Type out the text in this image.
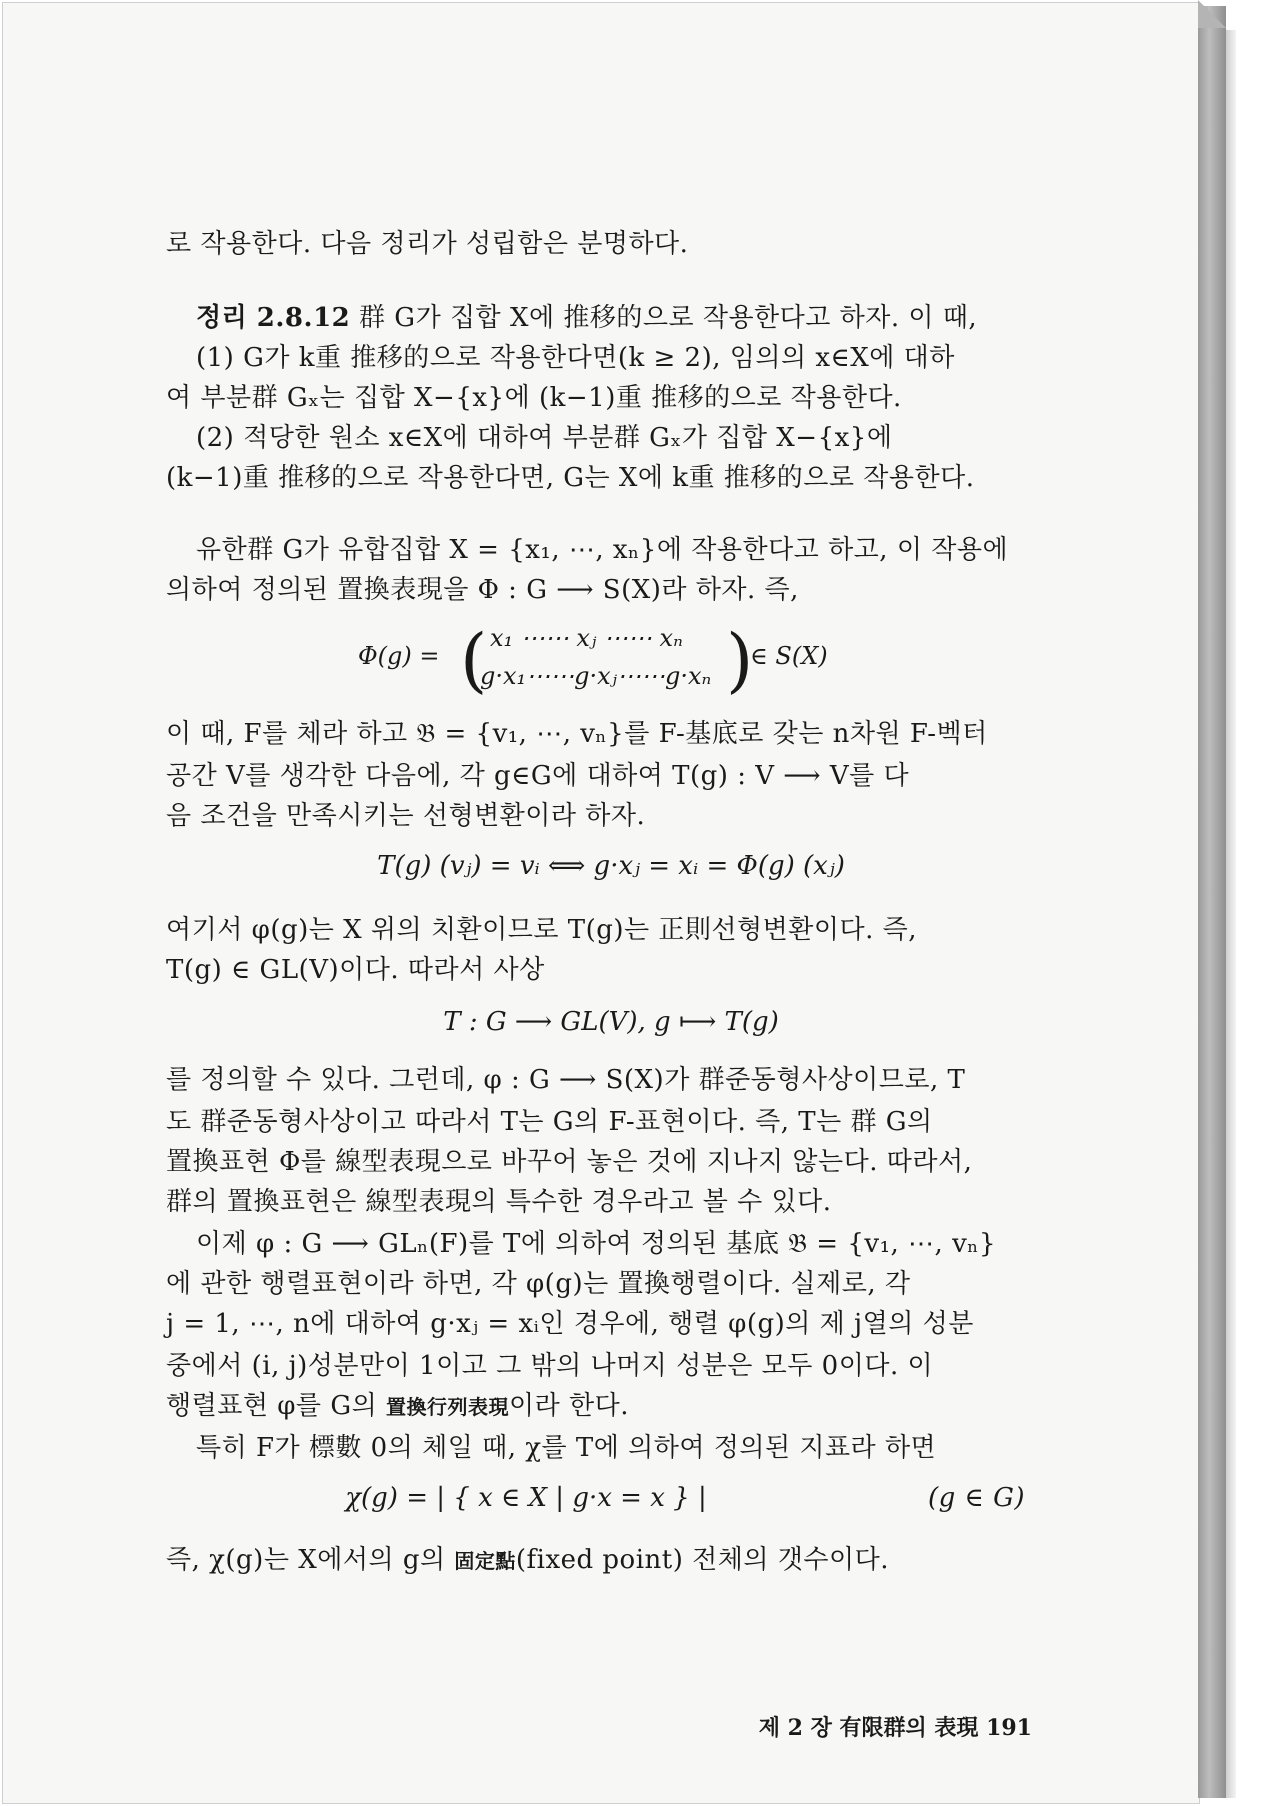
로 작용한다. 다음 정리가 성립함은 분명하다.
정리 2.8.12 群 G가 집합 X에 推移的으로 작용한다고 하자. 이 때,
(1) G가 k重 推移的으로 작용한다면(k ≥ 2), 임의의 x∈X에 대하
여 부분群 Gₓ는 집합 X−{x}에 (k−1)重 推移的으로 작용한다.
(2) 적당한 원소 x∈X에 대하여 부분群 Gₓ가 집합 X−{x}에
(k−1)重 推移的으로 작용한다면, G는 X에 k重 推移的으로 작용한다.
유한群 G가 유합집합 X = {x₁, ⋯, xₙ}에 작용한다고 하고, 이 작용에
의하여 정의된 置換表現을 Φ : G ⟶ S(X)라 하자. 즉,
Φ(g) = ( x₁ ⋯⋯ xⱼ ⋯⋯ xₙ
g·x₁⋯⋯g·xⱼ⋯⋯g·xₙ )
∈ S(X)
이 때, F를 체라 하고 𝔅 = {v₁, ⋯, vₙ}를 F-基底로 갖는 n차원 F-벡터
공간 V를 생각한 다음에, 각 g∈G에 대하여 T(g) : V ⟶ V를 다
음 조건을 만족시키는 선형변환이라 하자.
T(g) (vⱼ) = vᵢ ⟺ g·xⱼ = xᵢ = Φ(g) (xⱼ)
여기서 φ(g)는 X 위의 치환이므로 T(g)는 正則선형변환이다. 즉,
T(g) ∈ GL(V)이다. 따라서 사상
T : G ⟶ GL(V), g ⟼ T(g)
를 정의할 수 있다. 그런데, φ : G ⟶ S(X)가 群준동형사상이므로, T
도 群준동형사상이고 따라서 T는 G의 F-표현이다. 즉, T는 群 G의
置換표현 Φ를 線型表現으로 바꾸어 놓은 것에 지나지 않는다. 따라서,
群의 置換표현은 線型表現의 특수한 경우라고 볼 수 있다.
이제 φ : G ⟶ GLₙ(F)를 T에 의하여 정의된 基底 𝔅 = {v₁, ⋯, vₙ}
에 관한 행렬표현이라 하면, 각 φ(g)는 置換행렬이다. 실제로, 각
j = 1, ⋯, n에 대하여 g·xⱼ = xᵢ인 경우에, 행렬 φ(g)의 제 j열의 성분
중에서 (i, j)성분만이 1이고 그 밖의 나머지 성분은 모두 0이다. 이
행렬표현 φ를 G의 置換行列表現이라 한다.
특히 F가 標數 0의 체일 때, χ를 T에 의하여 정의된 지표라 하면
χ(g) = | { x ∈ X | g·x = x } |	(g ∈ G)
즉, χ(g)는 X에서의 g의 固定點(fixed point) 전체의 갯수이다.
제 2 장 有限群의 表現 191
